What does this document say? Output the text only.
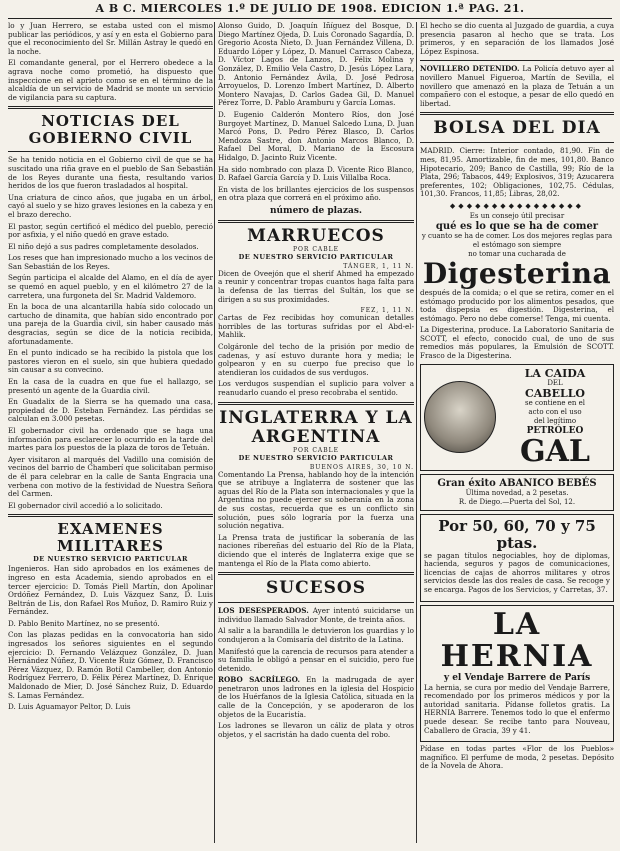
A B C. MIERCOLES 1.º DE JULIO DE 1908. EDICION 1.ª PAG. 21.

lo y Juan Herrero, se estaba usted con el mismo publicar las periódicos, y así y en esta el Gobierno para que el reconocimiento del Sr. Millán Astray le quedó en la noche.

El comandante general, por el Herrero obedece a la agrava noche como prometió, ha dispuesto que inspeccione en el aprieto como se en el término de la alcaldía de un servicio de Madrid se monte un servicio de vigilancia para su captura.

NOTICIAS DEL GOBIERNO CIVIL

Se ha tenido noticia en el Gobierno civil de que se ha suscitado una riña grave en el pueblo de San Sebastián de los Reyes durante una fiesta, resultando varios heridos de los que fueron trasladados al hospital.

Una criatura de cinco años, que jugaba en un árbol, cayó al suelo y se hizo graves lesiones en la cabeza y en el brazo derecho.

El pastor, según certificó el médico del pueblo, pereció por asfixia, y el niño quedó en grave estado.

El niño dejó a sus padres completamente desolados.

Los reses que han impresionado mucho a los vecinos de San Sebastián de los Reyes.

Según participa el alcalde del Alamo, en el día de ayer se quemó en aquel pueblo, y en el kilómetro 27 de la carretera, una furgoneta del Sr. Madrid Valdemoro.

En la boca de una alcantarilla había sido colocado un cartucho de dinamita, que habían sido encontrado por una pareja de la Guardia civil, sin haber causado más desgracias, según se dice de la noticia recibida, afortunadamente.

En el punto indicado se ha recibido la pistola que los pastores vieron en el suelo, sin que hubiera quedado sin causar a su convecino.

En la casa de la cuadra en que fue el hallazgo, se presentó un agente de la Guardia civil.

En Guadalix de la Sierra se ha quemado una casa, propiedad de D. Esteban Fernández. Las pérdidas se calculan en 3.000 pesetas.

El gobernador civil ha ordenado que se haga una información para esclarecer lo ocurrido en la tarde del martes para los puestos de la plaza de toros de Tetuán.

Ayer visitaron al marqués del Vadillo una comisión de vecinos del barrio de Chamberí que solicitaban permiso de él para celebrar en la calle de Santa Engracia una verbena con motivo de la festividad de Nuestra Señora del Carmen.

El gobernador civil accedió a lo solicitado.

EXAMENES MILITARES
DE NUESTRO SERVICIO PARTICULAR

Ingenieros. Han sido aprobados en los exámenes de ingreso en esta Academia, siendo aprobados en el tercer ejercicio: D. Tomás Piell Martín, don Apolinar Ordóñez Fernández, D. Luis Vázquez Sanz, D. Luis Beltrán de Lis, don Rafael Ros Muñoz, D. Ramiro Ruiz y Fernández.

D. Pablo Benito Martínez, no se presentó.

Con las plazas pedidas en la convocatoria han sido ingresados los señores siguientes en el segundo ejercicio: D. Fernando Velázquez González, D. Juan Hernández Núñez, D. Vicente Ruiz Gómez, D. Francisco Pérez Vázquez, D. Ramón Botil Cambeller, don Antonio Rodríguez Ferrero, D. Félix Pérez Martínez, D. Enrique Maldonado de Mier, D. José Sánchez Ruiz, D. Eduardo S. Lamas Fernández.

D. Luis Aguamayor Peltor, D. Luis

Alonso Guido, D. Joaquín Iñíguez del Bosque, D. Diego Martínez Ojeda, D. Luis Coronado Sagardía, D. Gregorio Acosta Nieto, D. Juan Fernández Villena, D. Eduardo Lóper y López, D. Manuel Carrasco Cabeza, D. Víctor Lagos de Lanzos, D. Félix Molina y González, D. Emilio Vela Castro, D. Jesús López Lara, D. Antonio Fernández Ávila, D. José Pedrosa Arroyuelos, D. Lorenzo Imbert Martínez, D. Alberto Montero Navajas, D. Carlos Gadea Gil, D. Manuel Pérez Torre, D. Pablo Aramburu y García Lomas.

D. Eugenio Calderón Montero Ríos, don José Burgoyet Martínez, D. Manuel Salcedo Luna, D. Juan Marcó Pons, D. Pedro Pérez Blasco, D. Carlos Mendoza Sastre, don Antonio Marcos Blanco, D. Rafael Del Moral, D. Mariano de la Escosura Hidalgo, D. Jacinto Ruiz Vicente.

Ha sido nombrado con plaza D. Vicente Rico Blanco, D. Rafael García García y D. Luis Villalba Roca.

En vista de los brillantes ejercicios de los suspensos en otra plaza que correrá en el próximo año.

número de plazas.
MARRUECOS
POR CABLE
DE NUESTRO SERVICIO PARTICULAR
TÁNGER, 1, 11 N.

Dicen de Oveejón que el sherif Ahmed ha empezado a reunir y concentrar tropas cuantos haga falta para la defensa de las tierras del Sultán, los que se dirigen a su sus proximidades.

FEZ, 1, 11 N.

Cartas de Fez recibidas hoy comunican detalles horribles de las torturas sufridas por el Abd-el-Mahlik.

Colgáronle del techo de la prisión por medio de cadenas, y así estuvo durante hora y media; le golpearon y en su cuerpo fue preciso que lo atendieran los cuidados de sus verdugos.

Los verdugos suspendían el suplicio para volver a reanudarlo cuando el preso recobraba el sentido.

INGLATERRA Y LA ARGENTINA
POR CABLE
DE NUESTRO SERVICIO PARTICULAR
BUENOS AIRES, 30, 10 N.

Comentando La Prensa, hablando hoy de la intención que se atribuye a Inglaterra de sostener que las aguas del Río de la Plata son internacionales y que la Argentina no puede ejercer su soberanía en la zona de sus costas, recuerda que es un conflicto sin solución, pues sólo lograría por la fuerza una solución negativa.

La Prensa trata de justificar la soberanía de las naciones ribereñas del estuario del Río de la Plata, diciendo que el interés de Inglaterra exige que se mantenga el Río de la Plata como abierto.

SUCESOS

LOS DESESPERADOS. Ayer intentó suicidarse un individuo llamado Salvador Monte, de treinta años.

Al salir a la barandilla le detuvieron los guardias y lo condujeron a la Comisaría del distrito de la Latina.

Manifestó que la carencia de recursos para atender a su familia le obligó a pensar en el suicidio, pero fue detenido.

ROBO SACRÍLEGO. En la madrugada de ayer penetraron unos ladrones en la iglesia del Hospicio de los Huérfanos de la Iglesia Católica, situada en la calle de la Concepción, y se apoderaron de los objetos de la Eucaristía.

Los ladrones se llevaron un cáliz de plata y otros objetos, y el sacristán ha dado cuenta del robo.

El hecho se dio cuenta al Juzgado de guardia, a cuya presencia pasaron al hecho que se trata. Los primeros, y en separación de los llamados José López Espinosa.

NOVILLERO DETENIDO. La Policía detuvo ayer al novillero Manuel Figueroa, Martín de Sevilla, el novillero que amenazó en la plaza de Tetuán a un compañero con el estoque, a pesar de ello quedó en libertad.

BOLSA DEL DIA

MADRID. Cierre: Interior contado, 81,90. Fin de mes, 81,95. Amortizable, fin de mes, 101,80. Banco Hipotecario, 209; Banco de Castilla, 99; Río de la Plata, 296; Tabacos, 449; Explosivos, 319; Azucarera preferentes, 102; Obligaciones, 102,75. Cédulas, 101,30. Francos, 11,85; Libras, 28,02.

◆◆◆◆◆◆◆◆◆◆◆◆◆◆◆◆
Es un consejo útil precisar
qué es lo que se ha de comer
y cuanto se ha de comer. Los dos mejores reglas para el estómago son siempre
no tomar una cucharada de
Digesterina

después de la comida; o el que se retira, comer en el estómago producido por los alimentos pesados, que toda dispepsia es digestión. Digesterina, el estómago. Pero no debe comerse! Tenga, mi cuenta.

La Digesterina, produce. La Laboratorio Sanitaria de SCOTT, el efecto, conocido cual, de uno de sus remedios más populares, la Emulsión de SCOTT. Frasco de la Digesterina.

LA CAIDA
DEL
CABELLO
se contiene en el
acto con el uso
del legítimo
PETRÓLEO
GAL
Gran éxito ABANICO BEBÉS
Última novedad, a 2 pesetas.
R. de Diego.—Puerta del Sol, 12.
Por 50, 60, 70 y 75 ptas.

se pagan títulos negociables, hoy de diplomas, hacienda, seguros y pagos de comunicaciones, licencias de cajas de ahorros militares y otros servicios desde las dos reales de casa. Se recoge y se encarga. Pagos de los Servicios, y Carretas, 37.

LA HERNIA
y el Vendaje Barrere de París

La hernia, se cura por medio del Vendaje Barrere, recomendado por los primeros médicos y por la autoridad sanitaria. Pídanse folletos gratis. La HERNIA Barrere. Tenemos todo lo que el enfermo puede desear. Se recibe tanto para Nouveau, Caballero de Gracia, 39 y 41.

Pídase en todas partes «Flor de los Pueblos» magnífico. El perfume de moda, 2 pesetas. Depósito de la Novela de Ahora.
